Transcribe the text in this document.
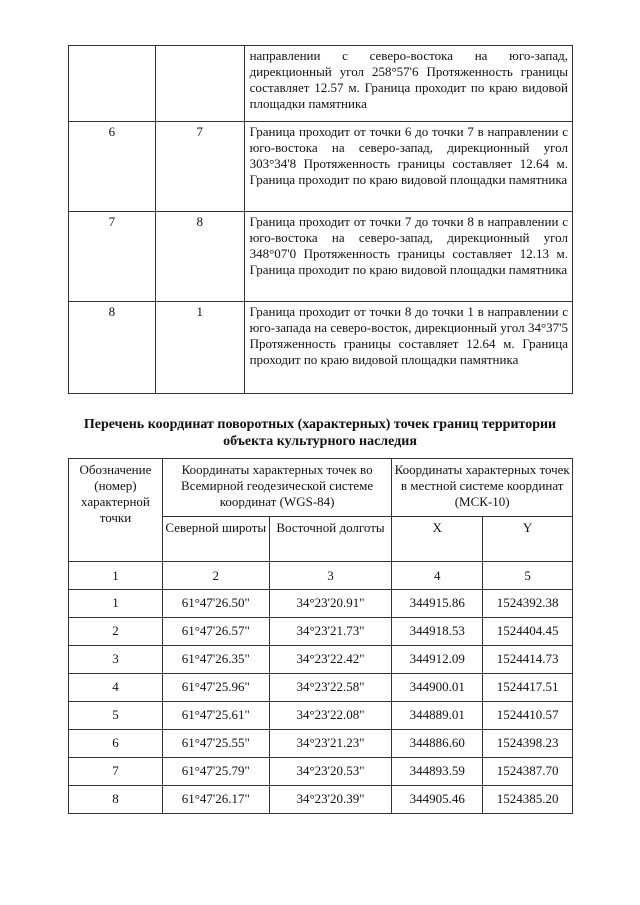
		направлении с северо-востока на юго-запад, дирекционный угол 258°57'6 Протяженность границы составляет 12.57 м. Граница проходит по краю видовой площадки памятника
6	7	Граница проходит от точки 6 до точки 7 в направлении с юго-востока на северо-запад, дирекционный угол 303°34'8 Протяженность границы составляет 12.64 м. Граница проходит по краю видовой площадки памятника
7	8	Граница проходит от точки 7 до точки 8 в направлении с юго-востока на северо-запад, дирекционный угол 348°07'0 Протяженность границы составляет 12.13 м. Граница проходит по краю видовой площадки памятника
8	1	Граница проходит от точки 8 до точки 1 в направлении с юго-запада на северо-восток, дирекционный угол 34°37'5 Протяженность границы составляет 12.64 м. Граница проходит по краю видовой площадки памятника
Перечень координат поворотных (характерных) точек границ территории объекта культурного наследия
Обозначение (номер) характерной точки	Координаты характерных точек во Всемирной геодезической системе координат (WGS-84)		Координаты характерных точек в местной системе координат (МСК-10)	
	Северной широты	Восточной долготы	X	Y
1	2	3	4	5
1	61°47'26.50"	34°23'20.91"	344915.86	1524392.38
2	61°47'26.57"	34°23'21.73"	344918.53	1524404.45
3	61°47'26.35"	34°23'22.42"	344912.09	1524414.73
4	61°47'25.96"	34°23'22.58"	344900.01	1524417.51
5	61°47'25.61"	34°23'22.08"	344889.01	1524410.57
6	61°47'25.55"	34°23'21.23"	344886.60	1524398.23
7	61°47'25.79"	34°23'20.53"	344893.59	1524387.70
8	61°47'26.17"	34°23'20.39"	344905.46	1524385.20
